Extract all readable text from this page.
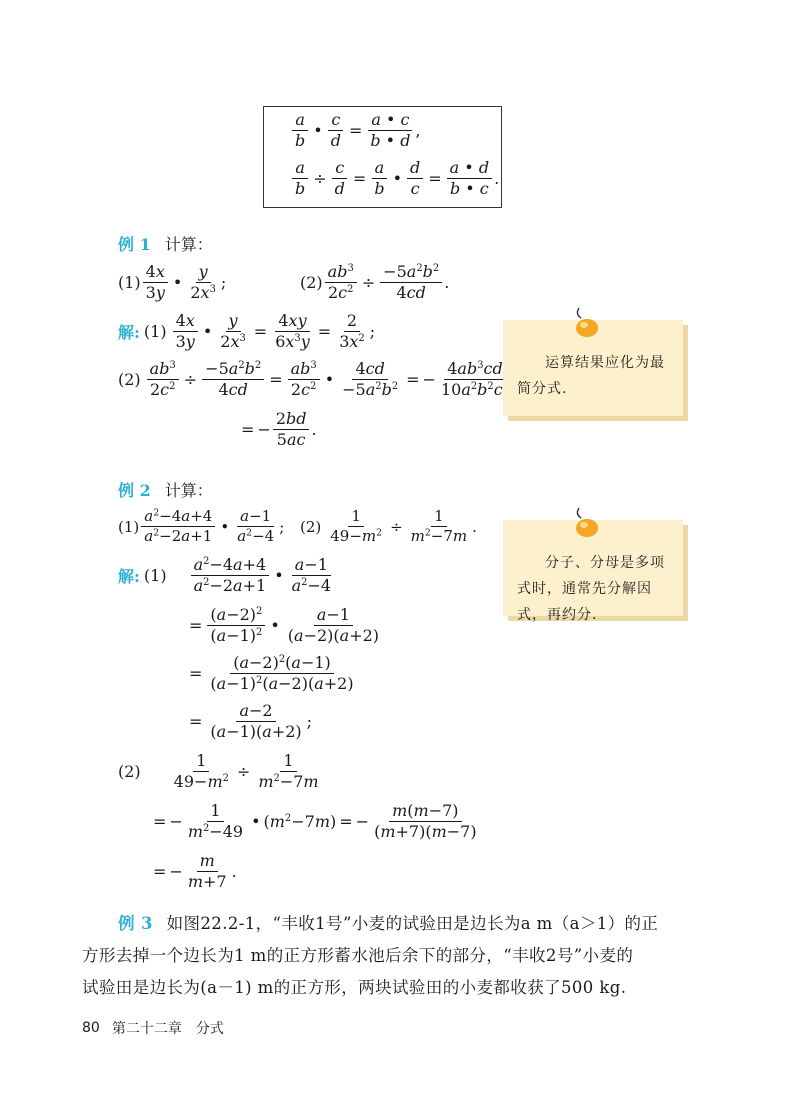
a
b
• $\frac{c}{d} = \frac{a • c}{b • d}$ ,
$\frac{a}{b} \div \frac{c}{d} = \frac{a}{b}$ • $\frac{d}{c} = \frac{a • d}{b • c}$ .
例 1 计算：
(1)
4x
3y
•
y
$2x^3$ ;	$(2) \frac{ab^3}{2c^2} \div \frac{-5a^2b^2}{4cd}$ .
解: (1)
4x
3y
• $\frac{y}{2x^3} = \frac{4xy}{6x^3y} = \frac{2}{3x^2}$ ;
$(2) \frac{ab^3}{2c^2} \div \frac{-5a^2b^2}{4cd} = \frac{ab^3}{2c^2}$ • $\frac{4cd}{-5a^2b^2}$ = − $\frac{4ab^3cd}{10a^2b^2c}$
= − $\frac{2bd}{5ac}$ .
运算结果应化为最简分式.
例 2 计算：
(1)
$a^2-4a+4$
$a^2-2a+1$
•
a−1
$a^2-4$
; $(2) \frac{1}{49-m^2} \div \frac{1}{m^2-7m}$ .
解: (1)
$a^2-4a+4$
$a^2-2a+1$
•
a−1
$a^2-4$
= $\frac{(a-2)^2}{(a-1)^2}$ •
a−1
(a−2)(a+2)
= $\frac{(a-2)^2(a-1)}{(a-1)^2(a-2)(a+2)}$
= $\frac{a-2}{(a-1)(a+2)}$ ;
$(2) \frac{1}{49-m^2} \div \frac{1}{m^2-7m}$
= − $\frac{1}{m^2-49}$ • $(m^2-7m)$ = − $\frac{m(m-7)}{(m+7)(m-7)}$
= − $\frac{m}{m+7}$ .
分子、分母是多项式时，通常先分解因式，再约分.
例 3 如图22.2-1，“丰收1号”小麦的试验田是边长为a m（a＞1）的正
方形去掉一个边长为1 m的正方形蓄水池后余下的部分，“丰收2号”小麦的
试验田是边长为(a－1) m的正方形，两块试验田的小麦都收获了500 kg.
80 第二十二章　分式
